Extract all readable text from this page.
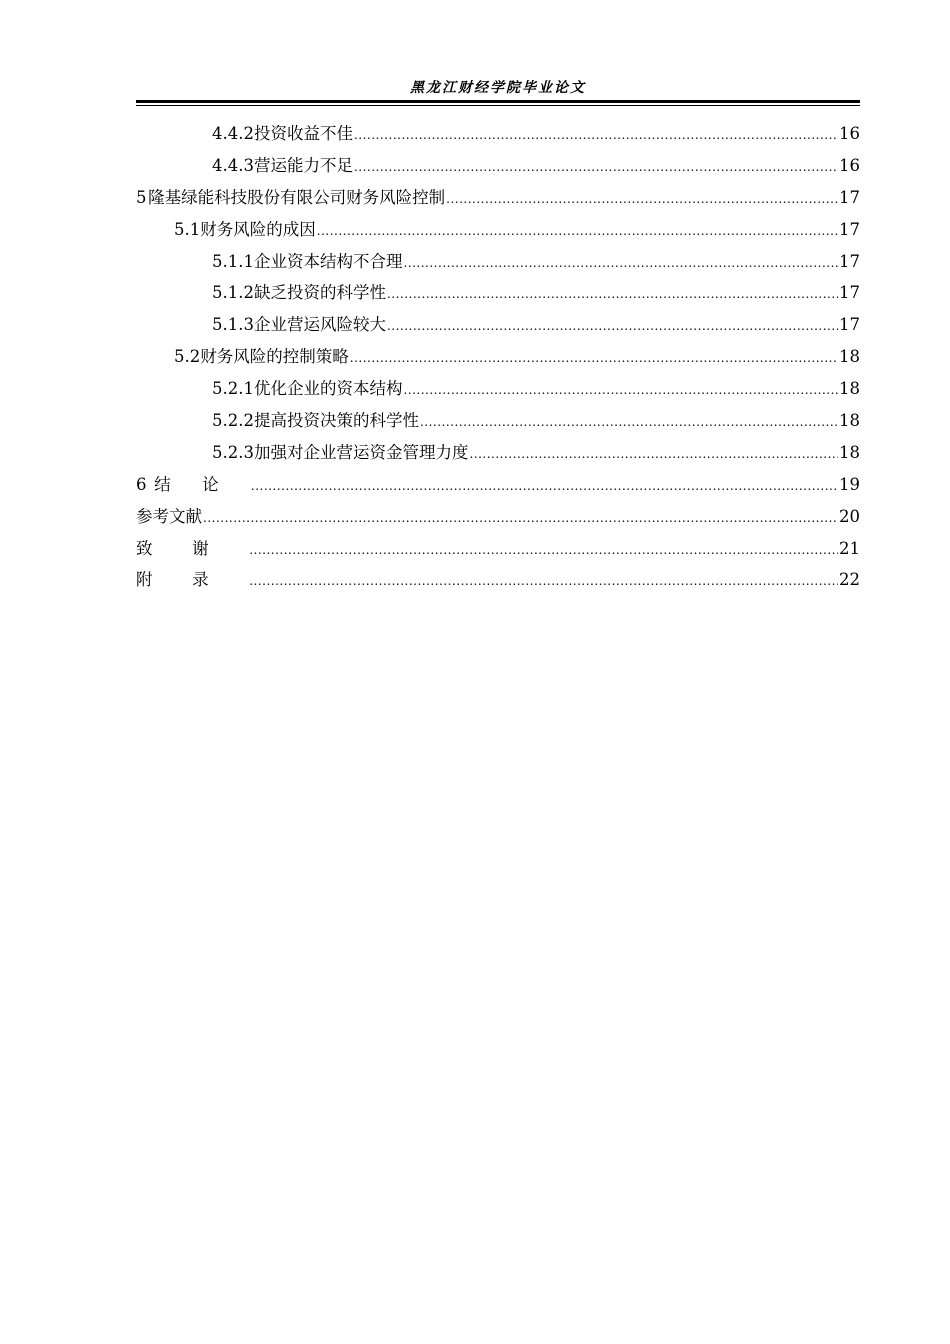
黑龙江财经学院毕业论文
4.4.2 投资收益不佳 .....	16
4.4.3 营运能力不足 .....	16
5 隆基绿能科技股份有限公司财务风险控制 .....	17
5.1 财务风险的成因 .....	17
5.1.1 企业资本结构不合理 .....	17
5.1.2 缺乏投资的科学性 .....	17
5.1.3 企业营运风险较大 .....	17
5.2 财务风险的控制策略 .....	18
5.2.1 优化企业的资本结构 .....	18
5.2.2 提高投资决策的科学性 .....	18
5.2.3 加强对企业营运资金管理力度 .....	18
6 结论 .....	19
参考文献 .....	20
致谢 .....	21
附录 .....	22
